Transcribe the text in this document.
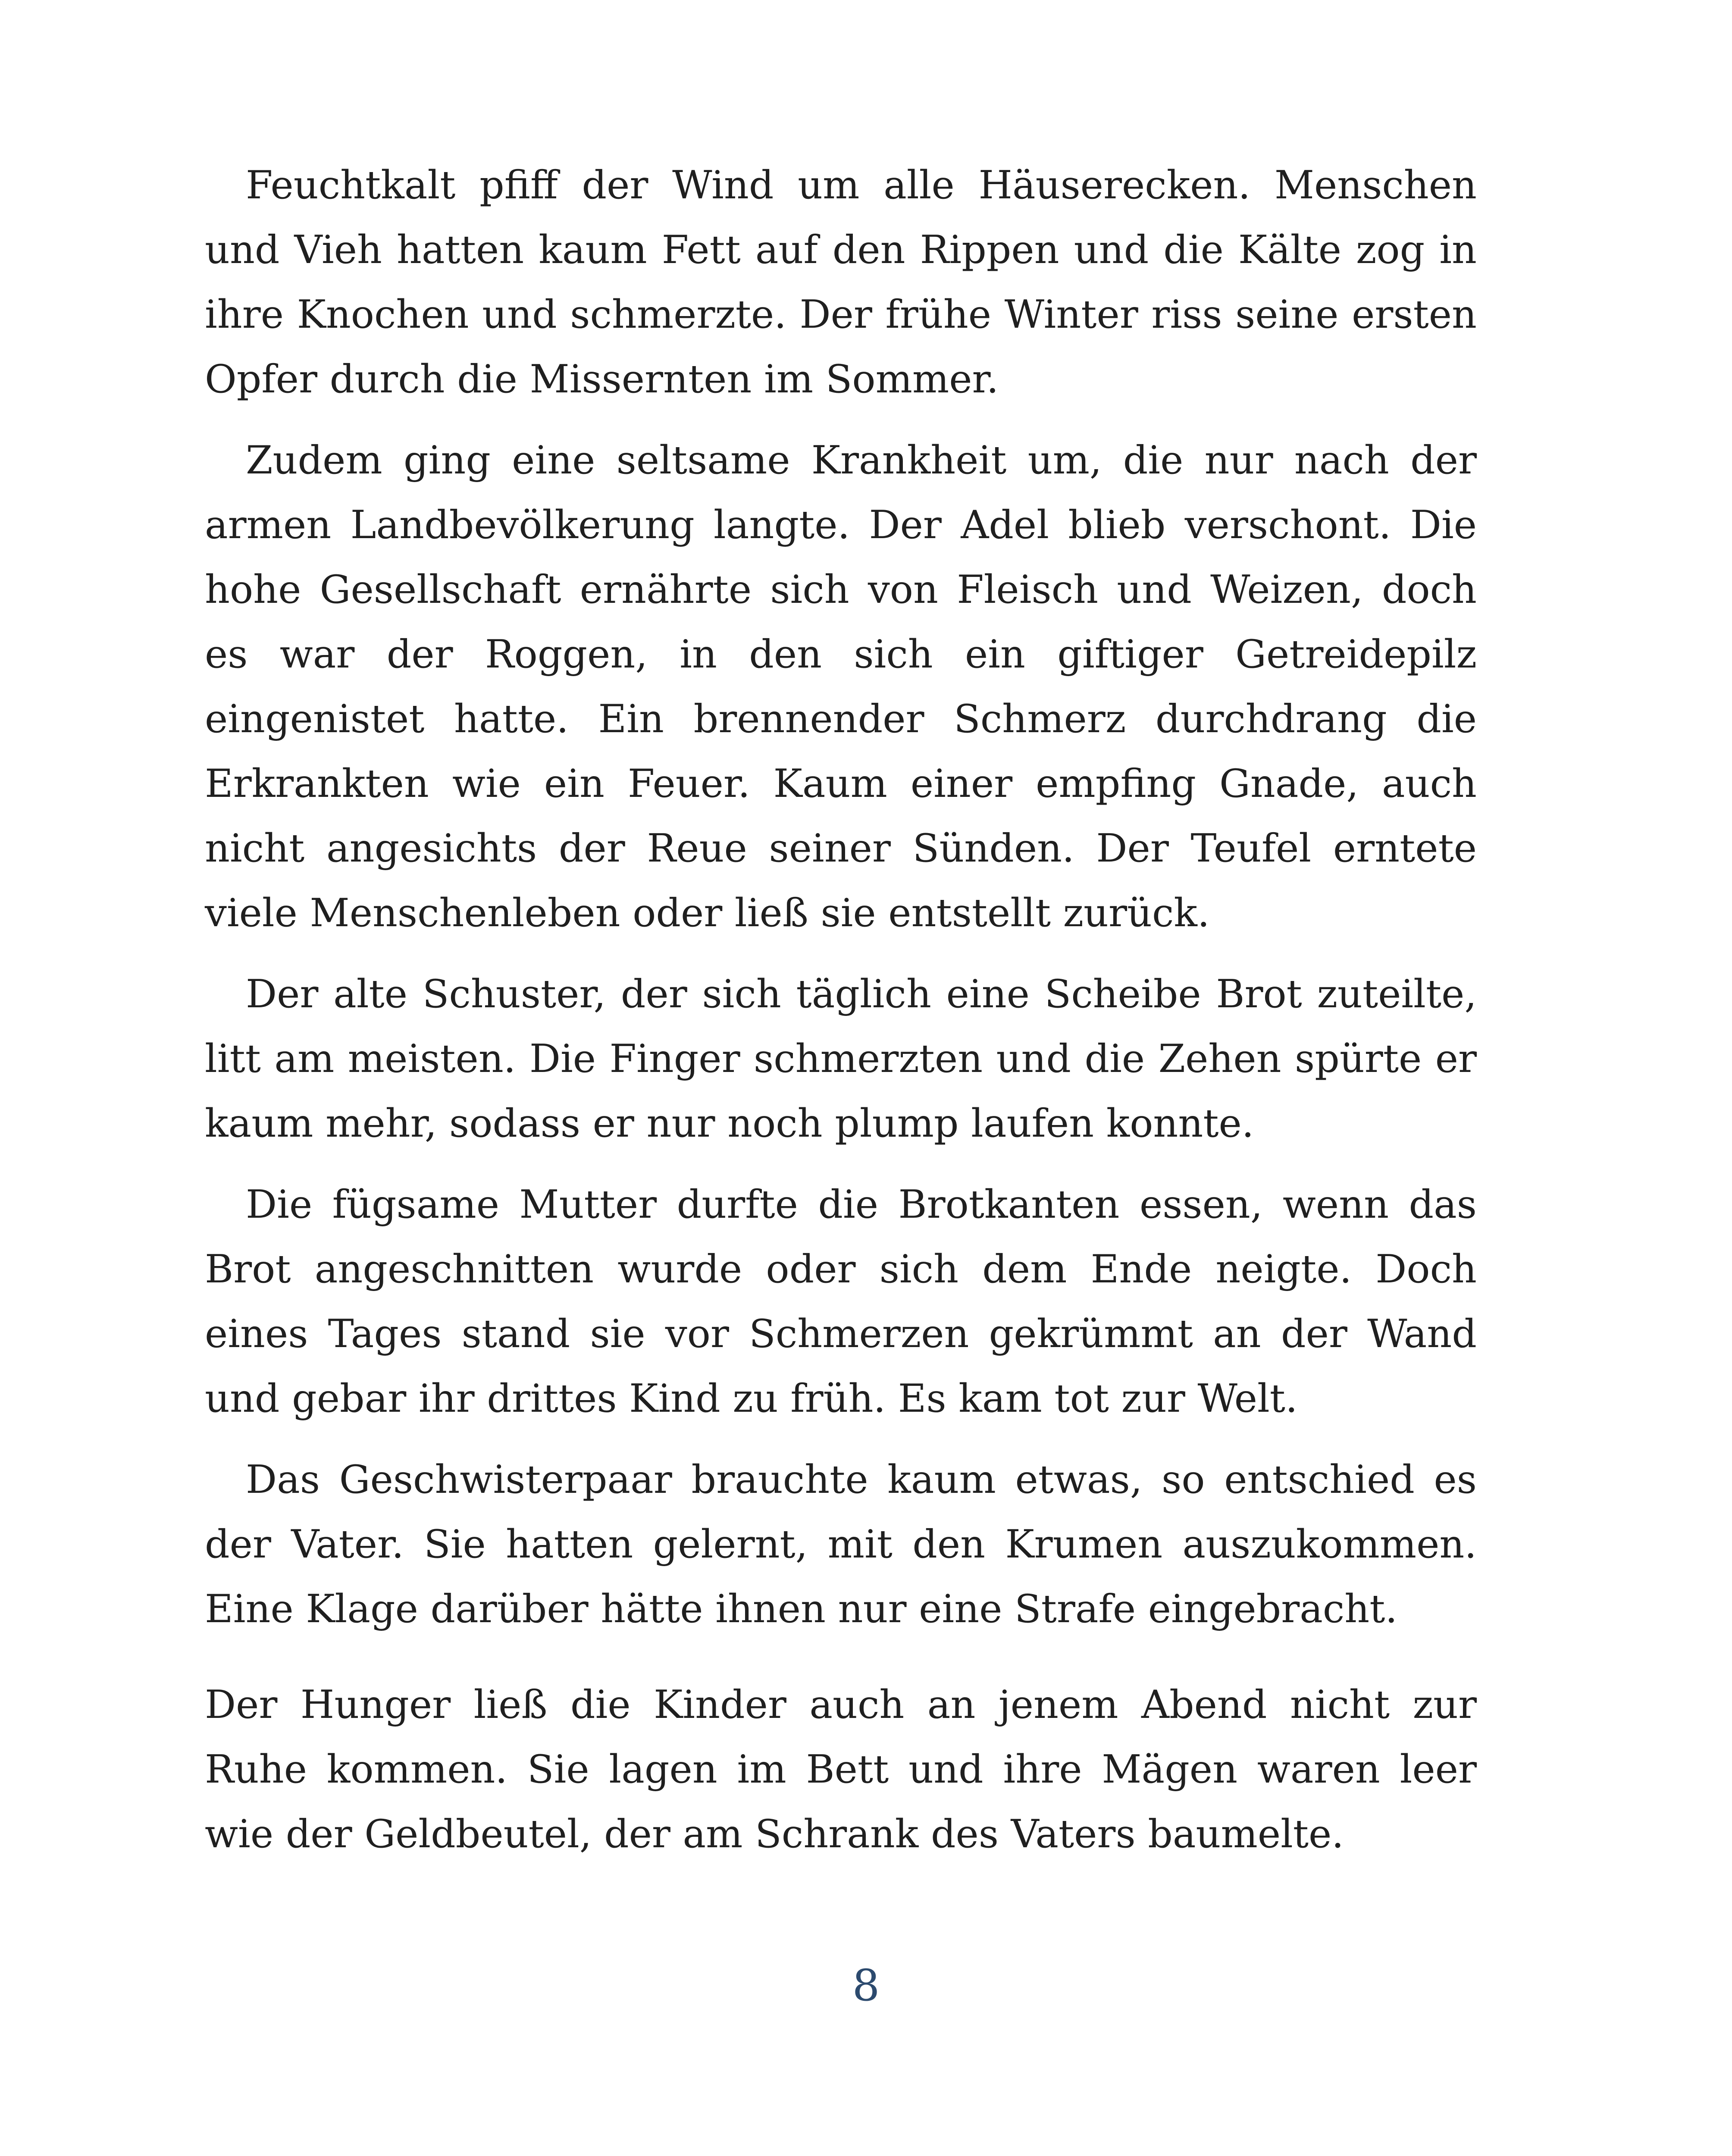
Feuchtkalt pfiff der Wind um alle Häuserecken. Menschen und Vieh hatten kaum Fett auf den Rippen und die Kälte zog in ihre Knochen und schmerzte. Der frühe Winter riss seine ersten Opfer durch die Missernten im Sommer.

Zudem ging eine seltsame Krankheit um, die nur nach der armen Landbevölkerung langte. Der Adel blieb verschont. Die hohe Gesellschaft ernährte sich von Fleisch und Weizen, doch es war der Roggen, in den sich ein giftiger Getreidepilz eingenistet hatte. Ein brennender Schmerz durchdrang die Erkrankten wie ein Feuer. Kaum einer empfing Gnade, auch nicht angesichts der Reue seiner Sünden. Der Teufel erntete viele Menschenleben oder ließ sie entstellt zurück.

Der alte Schuster, der sich täglich eine Scheibe Brot zuteilte, litt am meisten. Die Finger schmerzten und die Zehen spürte er kaum mehr, sodass er nur noch plump laufen konnte.

Die fügsame Mutter durfte die Brotkanten essen, wenn das Brot angeschnitten wurde oder sich dem Ende neigte. Doch eines Tages stand sie vor Schmerzen gekrümmt an der Wand und gebar ihr drittes Kind zu früh. Es kam tot zur Welt.

Das Geschwisterpaar brauchte kaum etwas, so entschied es der Vater. Sie hatten gelernt, mit den Krumen auszukommen. Eine Klage darüber hätte ihnen nur eine Strafe eingebracht.

Der Hunger ließ die Kinder auch an jenem Abend nicht zur Ruhe kommen. Sie lagen im Bett und ihre Mägen waren leer wie der Geldbeutel, der am Schrank des Vaters baumelte.

8
